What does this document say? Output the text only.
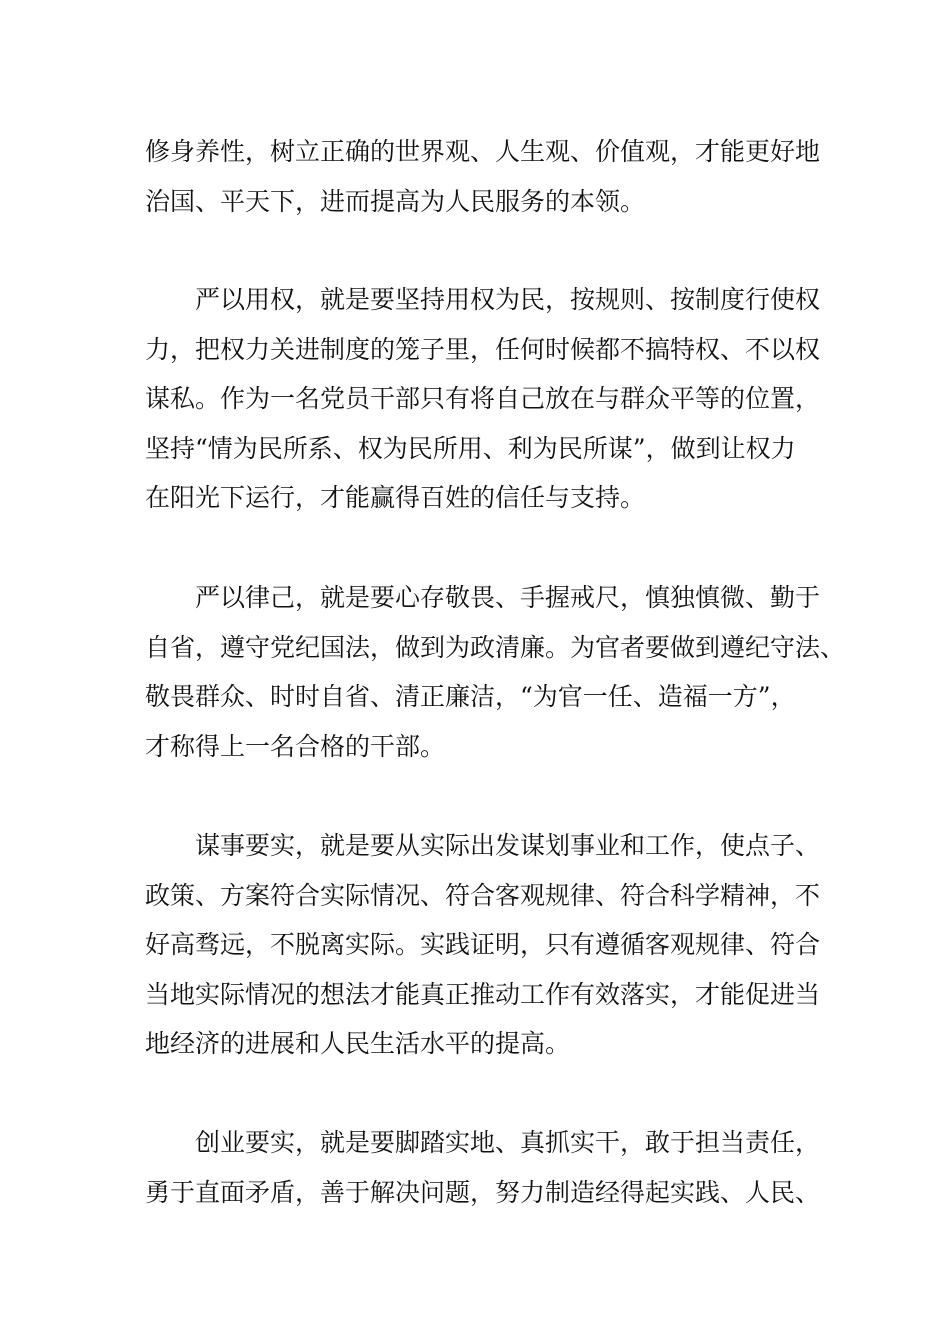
修身养性，树立正确的世界观、人生观、价值观，才能更好地
治国、平天下，进而提高为人民服务的本领。
严以用权，就是要坚持用权为民，按规则、按制度行使权
力，把权力关进制度的笼子里，任何时候都不搞特权、不以权
谋私。作为一名党员干部只有将自己放在与群众平等的位置，
坚持“情为民所系、权为民所用、利为民所谋”，做到让权力
在阳光下运行，才能赢得百姓的信任与支持。
严以律己，就是要心存敬畏、手握戒尺，慎独慎微、勤于
自省，遵守党纪国法，做到为政清廉。为官者要做到遵纪守法、
敬畏群众、时时自省、清正廉洁，“为官一任、造福一方”，
才称得上一名合格的干部。
谋事要实，就是要从实际出发谋划事业和工作，使点子、
政策、方案符合实际情况、符合客观规律、符合科学精神，不
好高骛远，不脱离实际。实践证明，只有遵循客观规律、符合
当地实际情况的想法才能真正推动工作有效落实，才能促进当
地经济的进展和人民生活水平的提高。
创业要实，就是要脚踏实地、真抓实干，敢于担当责任，
勇于直面矛盾，善于解决问题，努力制造经得起实践、人民、
